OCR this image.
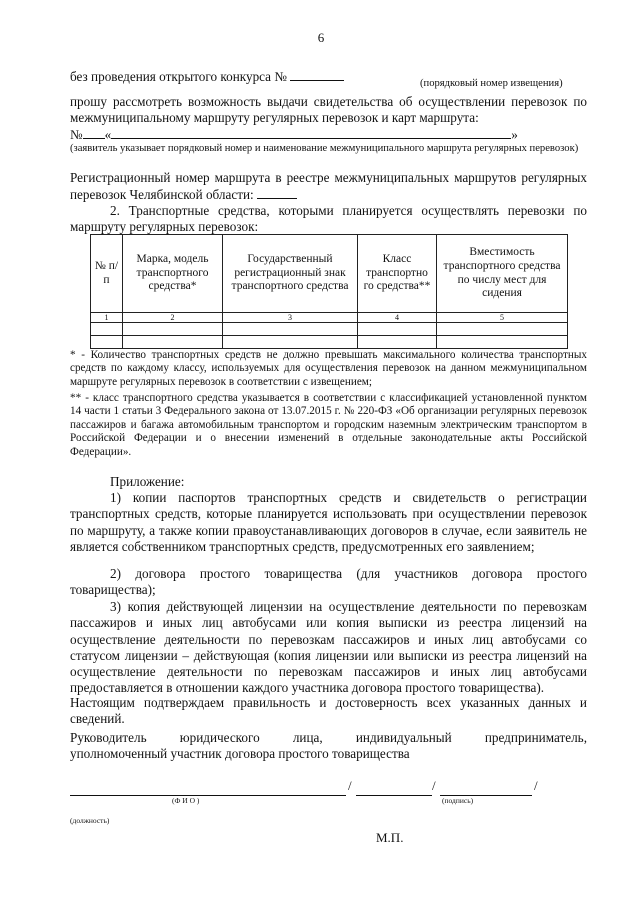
6
без проведения открытого конкурса №	(порядковый номер извещения)
прошу рассмотреть возможность выдачи свидетельства об осуществлении перевозок по межмуниципальному маршруту регулярных перевозок и карт маршрута:
№ «	»
(заявитель указывает порядковый номер и наименование межмуниципального маршрута регулярных перевозок)
Регистрационный номер маршрута в реестре межмуниципальных маршрутов регулярных перевозок Челябинской области:
2. Транспортные средства, которыми планируется осуществлять перевозки по маршруту регулярных перевозок:
№ п/п	Марка, модель транспортного средства*	Государственный регистрационный знак транспортного средства	Класс транспортно го средства**	Вместимость транспортного средства по числу мест для сидения
1	2	3	4	5

* - Количество транспортных средств не должно превышать максимального количества транспортных средств по каждому классу, используемых для осуществления перевозок на данном межмуниципальном маршруте регулярных перевозок в соответствии с извещением;
** - класс транспортного средства указывается в соответствии с классификацией установленной пунктом 14 части 1 статьи 3 Федерального закона от 13.07.2015 г. № 220-ФЗ «Об организации регулярных перевозок пассажиров и багажа автомобильным транспортом и городским наземным электрическим транспортом в Российской Федерации и о внесении изменений в отдельные законодательные акты Российской Федерации».
Приложение:
1) копии паспортов транспортных средств и свидетельств о регистрации транспортных средств, которые планируется использовать при осуществлении перевозок по маршруту, а также копии правоустанавливающих договоров в случае, если заявитель не является собственником транспортных средств, предусмотренных его заявлением;
2) договора простого товарищества (для участников договора простого товарищества);
3) копия действующей лицензии на осуществление деятельности по перевозкам пассажиров и иных лиц автобусами или копия выписки из реестра лицензий на осуществление деятельности по перевозкам пассажиров и иных лиц автобусами со статусом лицензии – действующая (копия лицензии или выписки из реестра лицензий на осуществление деятельности по перевозкам пассажиров и иных лиц автобусами предоставляется в отношении каждого участника договора простого товарищества).
Настоящим подтверждаем правильность и достоверность всех указанных данных и сведений.
Руководитель юридического лица, индивидуальный предприниматель,
уполномоченный участник договора простого товарищества
/	/	/
(Ф И О )	(подпись)
(должность)
М.П.
